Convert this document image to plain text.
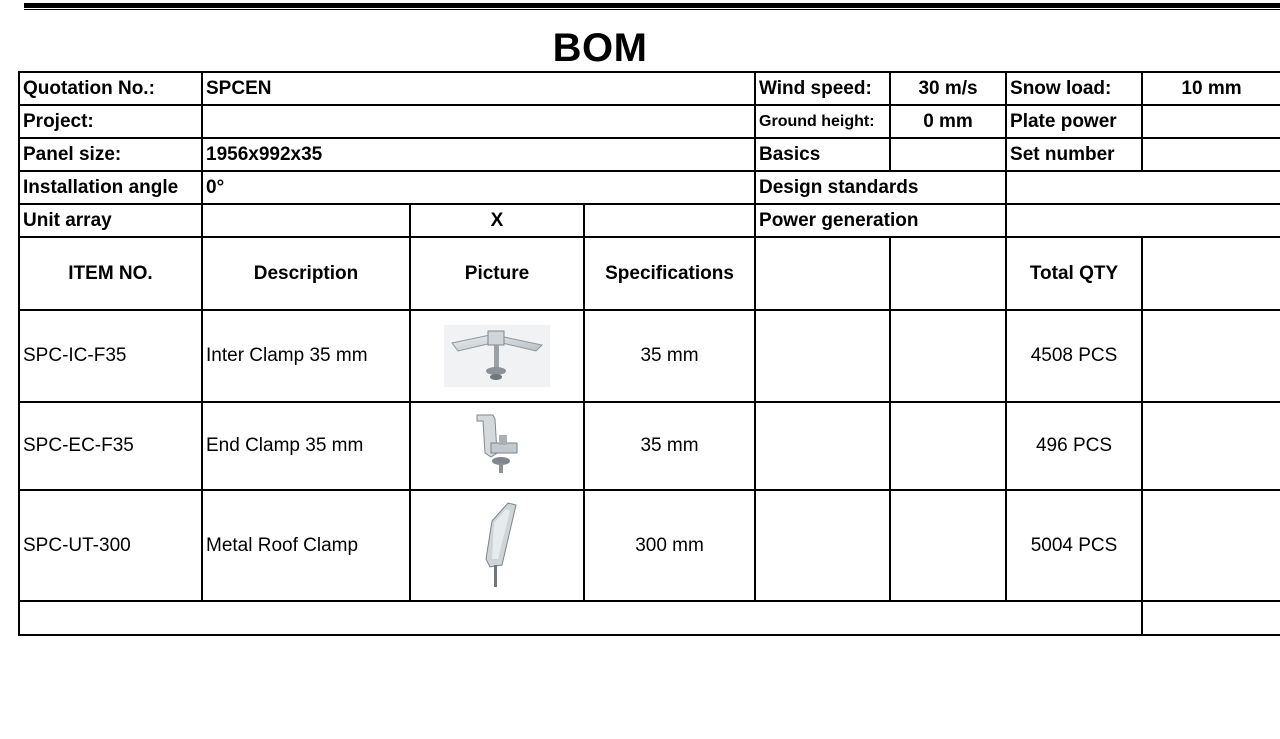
BOM
Quotation No.:	SPCEN			Wind speed:	30 m/s	Snow load:	10 mm
Project:				Ground height:	0 mm	Plate power	
Panel size:	1956x992x35			Basics		Set number	
Installation angle	0°			Design standards			
Unit array		X		Power generation			
ITEM NO.	Description	Picture	Specifications			Total QTY	
SPC-IC-F35	Inter Clamp 35 mm		35 mm			4508 PCS	
SPC-EC-F35	End Clamp 35 mm		35 mm			496 PCS	
SPC-UT-300	Metal Roof Clamp		300 mm			5004 PCS	
